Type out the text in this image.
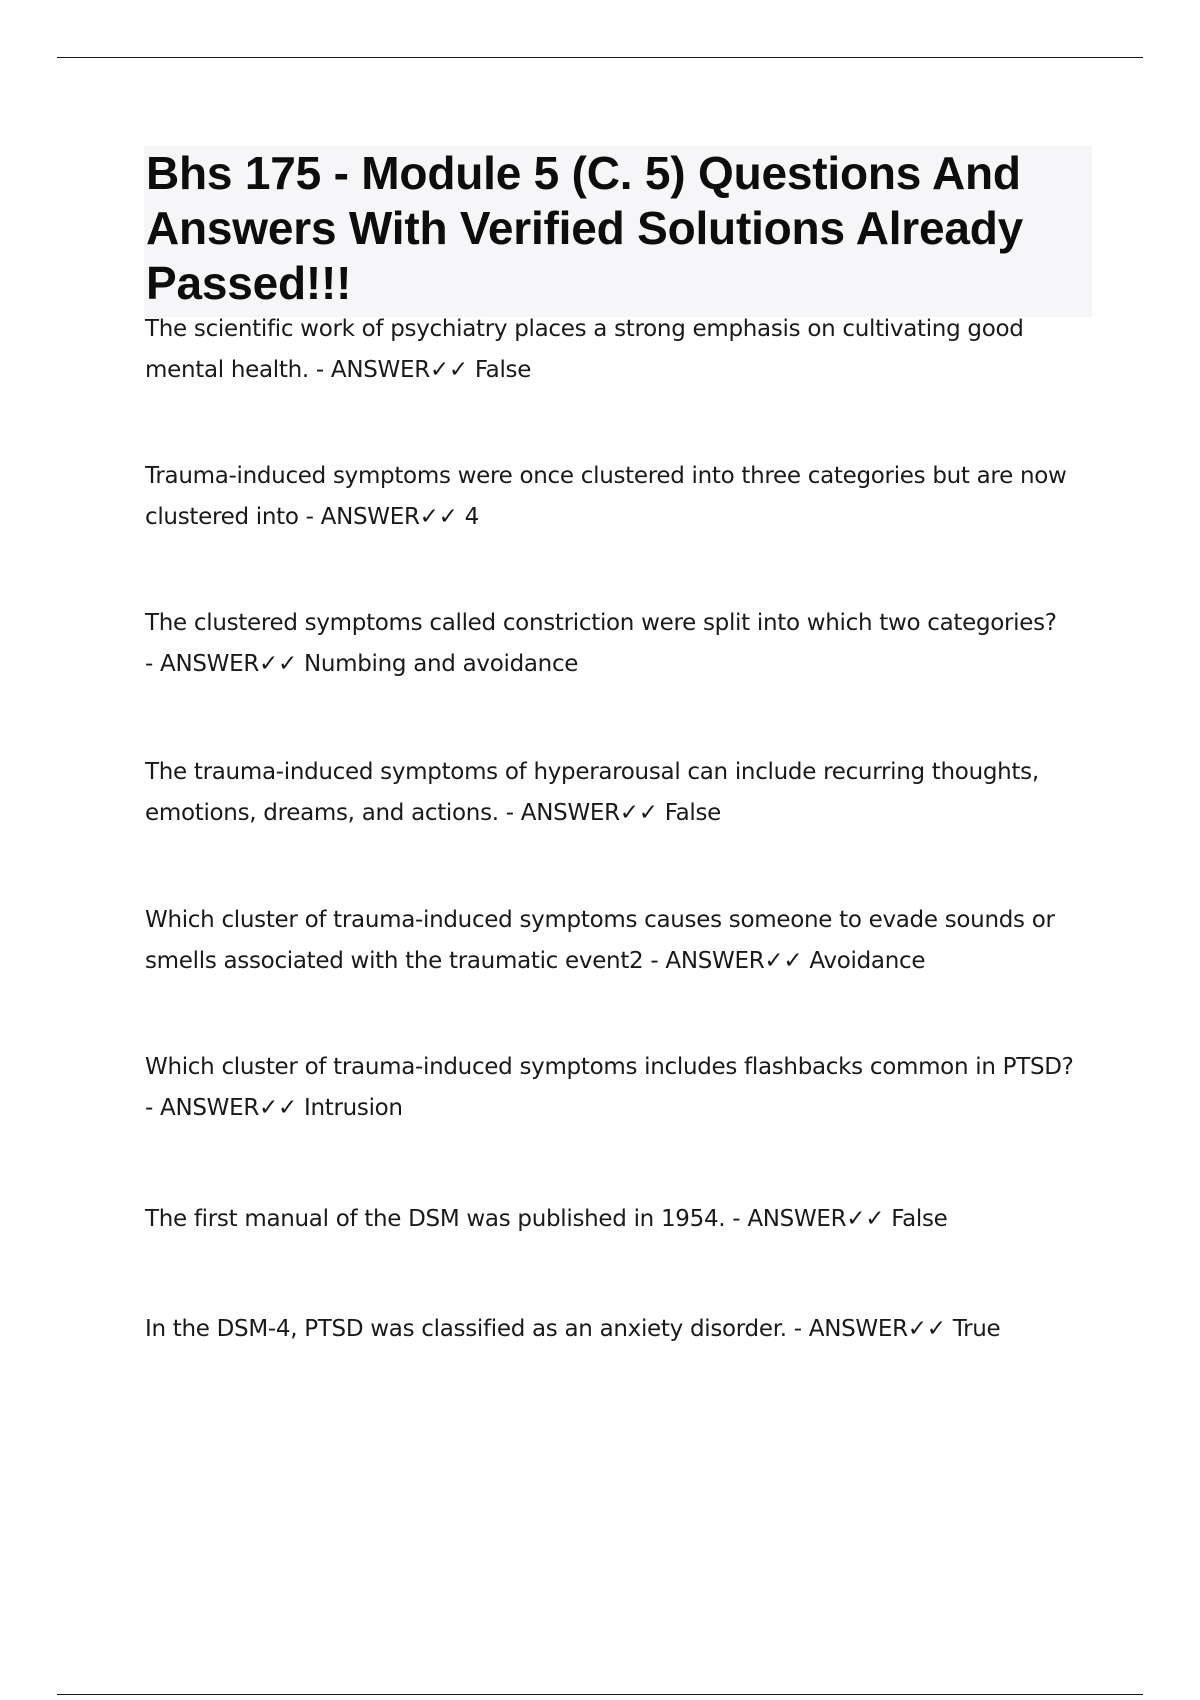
Bhs 175 - Module 5 (C. 5) Questions And Answers With Verified Solutions Already Passed!!!

The scientific work of psychiatry places a strong emphasis on cultivating good mental health. - ANSWER✓✓ False

Trauma-induced symptoms were once clustered into three categories but are now clustered into - ANSWER✓✓ 4

The clustered symptoms called constriction were split into which two categories?
- ANSWER✓✓ Numbing and avoidance

The trauma-induced symptoms of hyperarousal can include recurring thoughts, emotions, dreams, and actions. - ANSWER✓✓ False

Which cluster of trauma-induced symptoms causes someone to evade sounds or smells associated with the traumatic event2 - ANSWER✓✓ Avoidance

Which cluster of trauma-induced symptoms includes flashbacks common in PTSD?
- ANSWER✓✓ Intrusion

The first manual of the DSM was published in 1954. - ANSWER✓✓ False

In the DSM-4, PTSD was classified as an anxiety disorder. - ANSWER✓✓ True
